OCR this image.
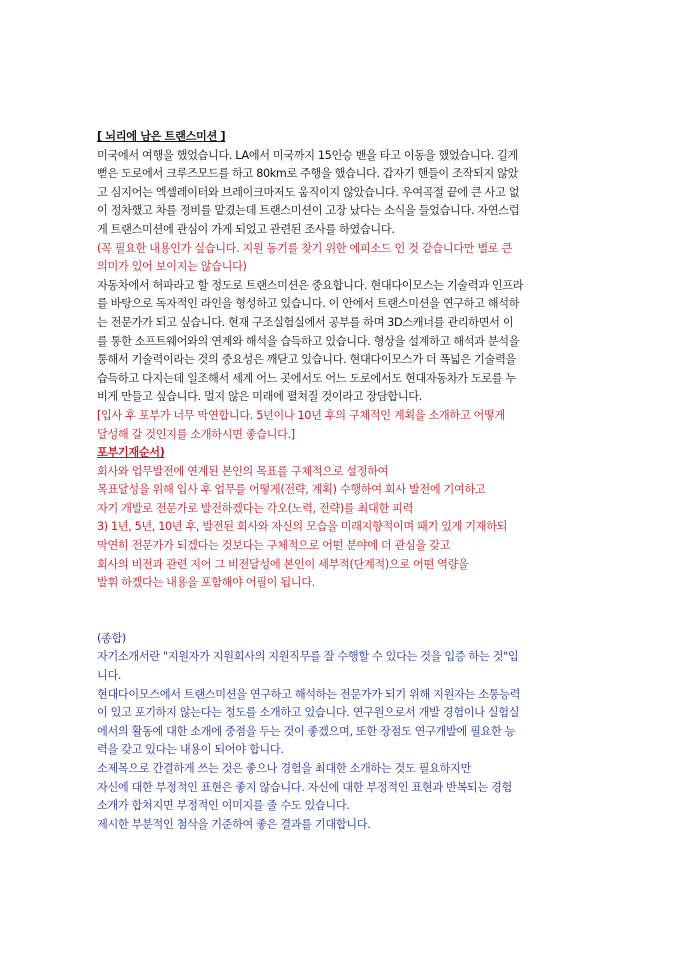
[ 뇌리에 남은 트랜스미션 ]
미국에서 여행을 했었습니다. LA에서 미국까지 15인승 밴을 타고 이동을 했었습니다. 길게
뻗은 도로에서 크루즈모드를 하고 80km로 주행을 했습니다. 갑자기 핸들이 조작되지 않았
고 심지어는 엑셀레이터와 브레이크마저도 움직이지 않았습니다. 우여곡절 끝에 큰 사고 없
이 정차했고 차를 정비를 맡겼는데 트랜스미션이 고장 났다는 소식을 들었습니다. 자연스럽
게 트랜스미션에 관심이 가게 되었고 관련된 조사를 하였습니다.
(꼭 필요한 내용인가 싶습니다. 지원 동기를 찾기 위한 에피소드 인 것 같습니다만 별로 큰
의미가 있어 보이지는 않습니다)
자동차에서 허파라고 할 정도로 트랜스미션은 중요합니다. 현대다이모스는 기술력과 인프라
를 바탕으로 독자적인 라인을 형성하고 있습니다. 이 안에서 트랜스미션을 연구하고 해석하
는 전문가가 되고 싶습니다. 현재 구조실험실에서 공부를 하며 3D스캐너를 관리하면서 이
를 통한 소프트웨어와의 연계와 해석을 습득하고 있습니다. 형상을 설계하고 해석과 분석을
통해서 기술력이라는 것의 중요성은 깨닫고 있습니다. 현대다이모스가 더 폭넓은 기술력을
습득하고 다지는데 일조해서 세계 어느 곳에서도 어느 도로에서도 현대자동차가 도로를 누
비게 만들고 싶습니다. 멀지 않은 미래에 펼쳐질 것이라고 장담합니다.
[입사 후 포부가 너무 막연합니다. 5년이나 10년 후의 구체적인 계획을 소개하고 어떻게
달성해 갈 것인지를 소개하시면 좋습니다.]
포부기재순서)
회사와 업무발전에 연계된 본인의 목표를 구체적으로 설정하여
목표달성을 위해 입사 후 업무를 어떻게(전략, 계획) 수행하여 회사 발전에 기여하고
자기 개발로 전문가로 발전하겠다는 각오(노력, 전략)를 최대한 피력
3) 1년, 5년, 10년 후, 발전된 회사와 자신의 모습을 미래지향적이며 패기 있게 기재하되
막연히 전문가가 되겠다는 것보다는 구체적으로 어떤 분야에 더 관심을 갖고
회사의 비전과 관련 지어 그 비전달성에 본인이 세부적(단계적)으로 어떤 역량을
발휘 하겠다는 내용을 포함해야 어필이 됩니다.
(종합)
자기소개서란 "지원자가 지원회사의 지원직무를 잘 수행할 수 있다는 것을 입증 하는 것"입
니다.
현대다이모스에서 트랜스미션을 연구하고 해석하는 전문가가 되기 위해 지원자는 소통능력
이 있고 포기하지 않는다는 정도를 소개하고 있습니다. 연구원으로서 개발 경험이나 실험실
에서의 활동에 대한 소개에 중점을 두는 것이 좋겠으며, 또한 장점도 연구개발에 필요한 능
력을 갖고 있다는 내용이 되어야 합니다.
소제목으로 간결하게 쓰는 것은 좋으나 경험을 최대한 소개하는 것도 필요하지만
자신에 대한 부정적인 표현은 좋지 않습니다. 자신에 대한 부정적인 표현과 반복되는 경험
소개가 합쳐지면 부정적인 이미지를 줄 수도 있습니다.
제시한 부분적인 첨삭을 기준하여 좋은 결과를 기대합니다.
